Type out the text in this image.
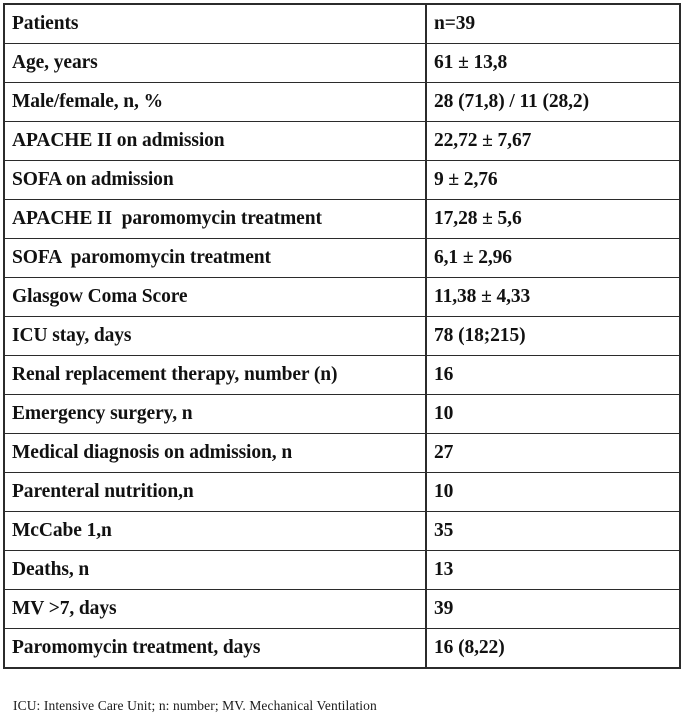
Patients	n=39
Age, years	61 ± 13,8
Male/female, n, %	28 (71,8) / 11 (28,2)
APACHE II on admission	22,72 ± 7,67
SOFA on admission	9 ± 2,76
APACHE II  paromomycin treatment	17,28 ± 5,6
SOFA  paromomycin treatment	6,1 ± 2,96
Glasgow Coma Score	11,38 ± 4,33
ICU stay, days	78 (18;215)
Renal replacement therapy, number (n)	16
Emergency surgery, n	10
Medical diagnosis on admission, n	27
Parenteral nutrition,n	10
McCabe 1,n	35
Deaths, n	13
MV >7, days	39
Paromomycin treatment, days	16 (8,22)
ICU: Intensive Care Unit; n: number; MV. Mechanical Ventilation
